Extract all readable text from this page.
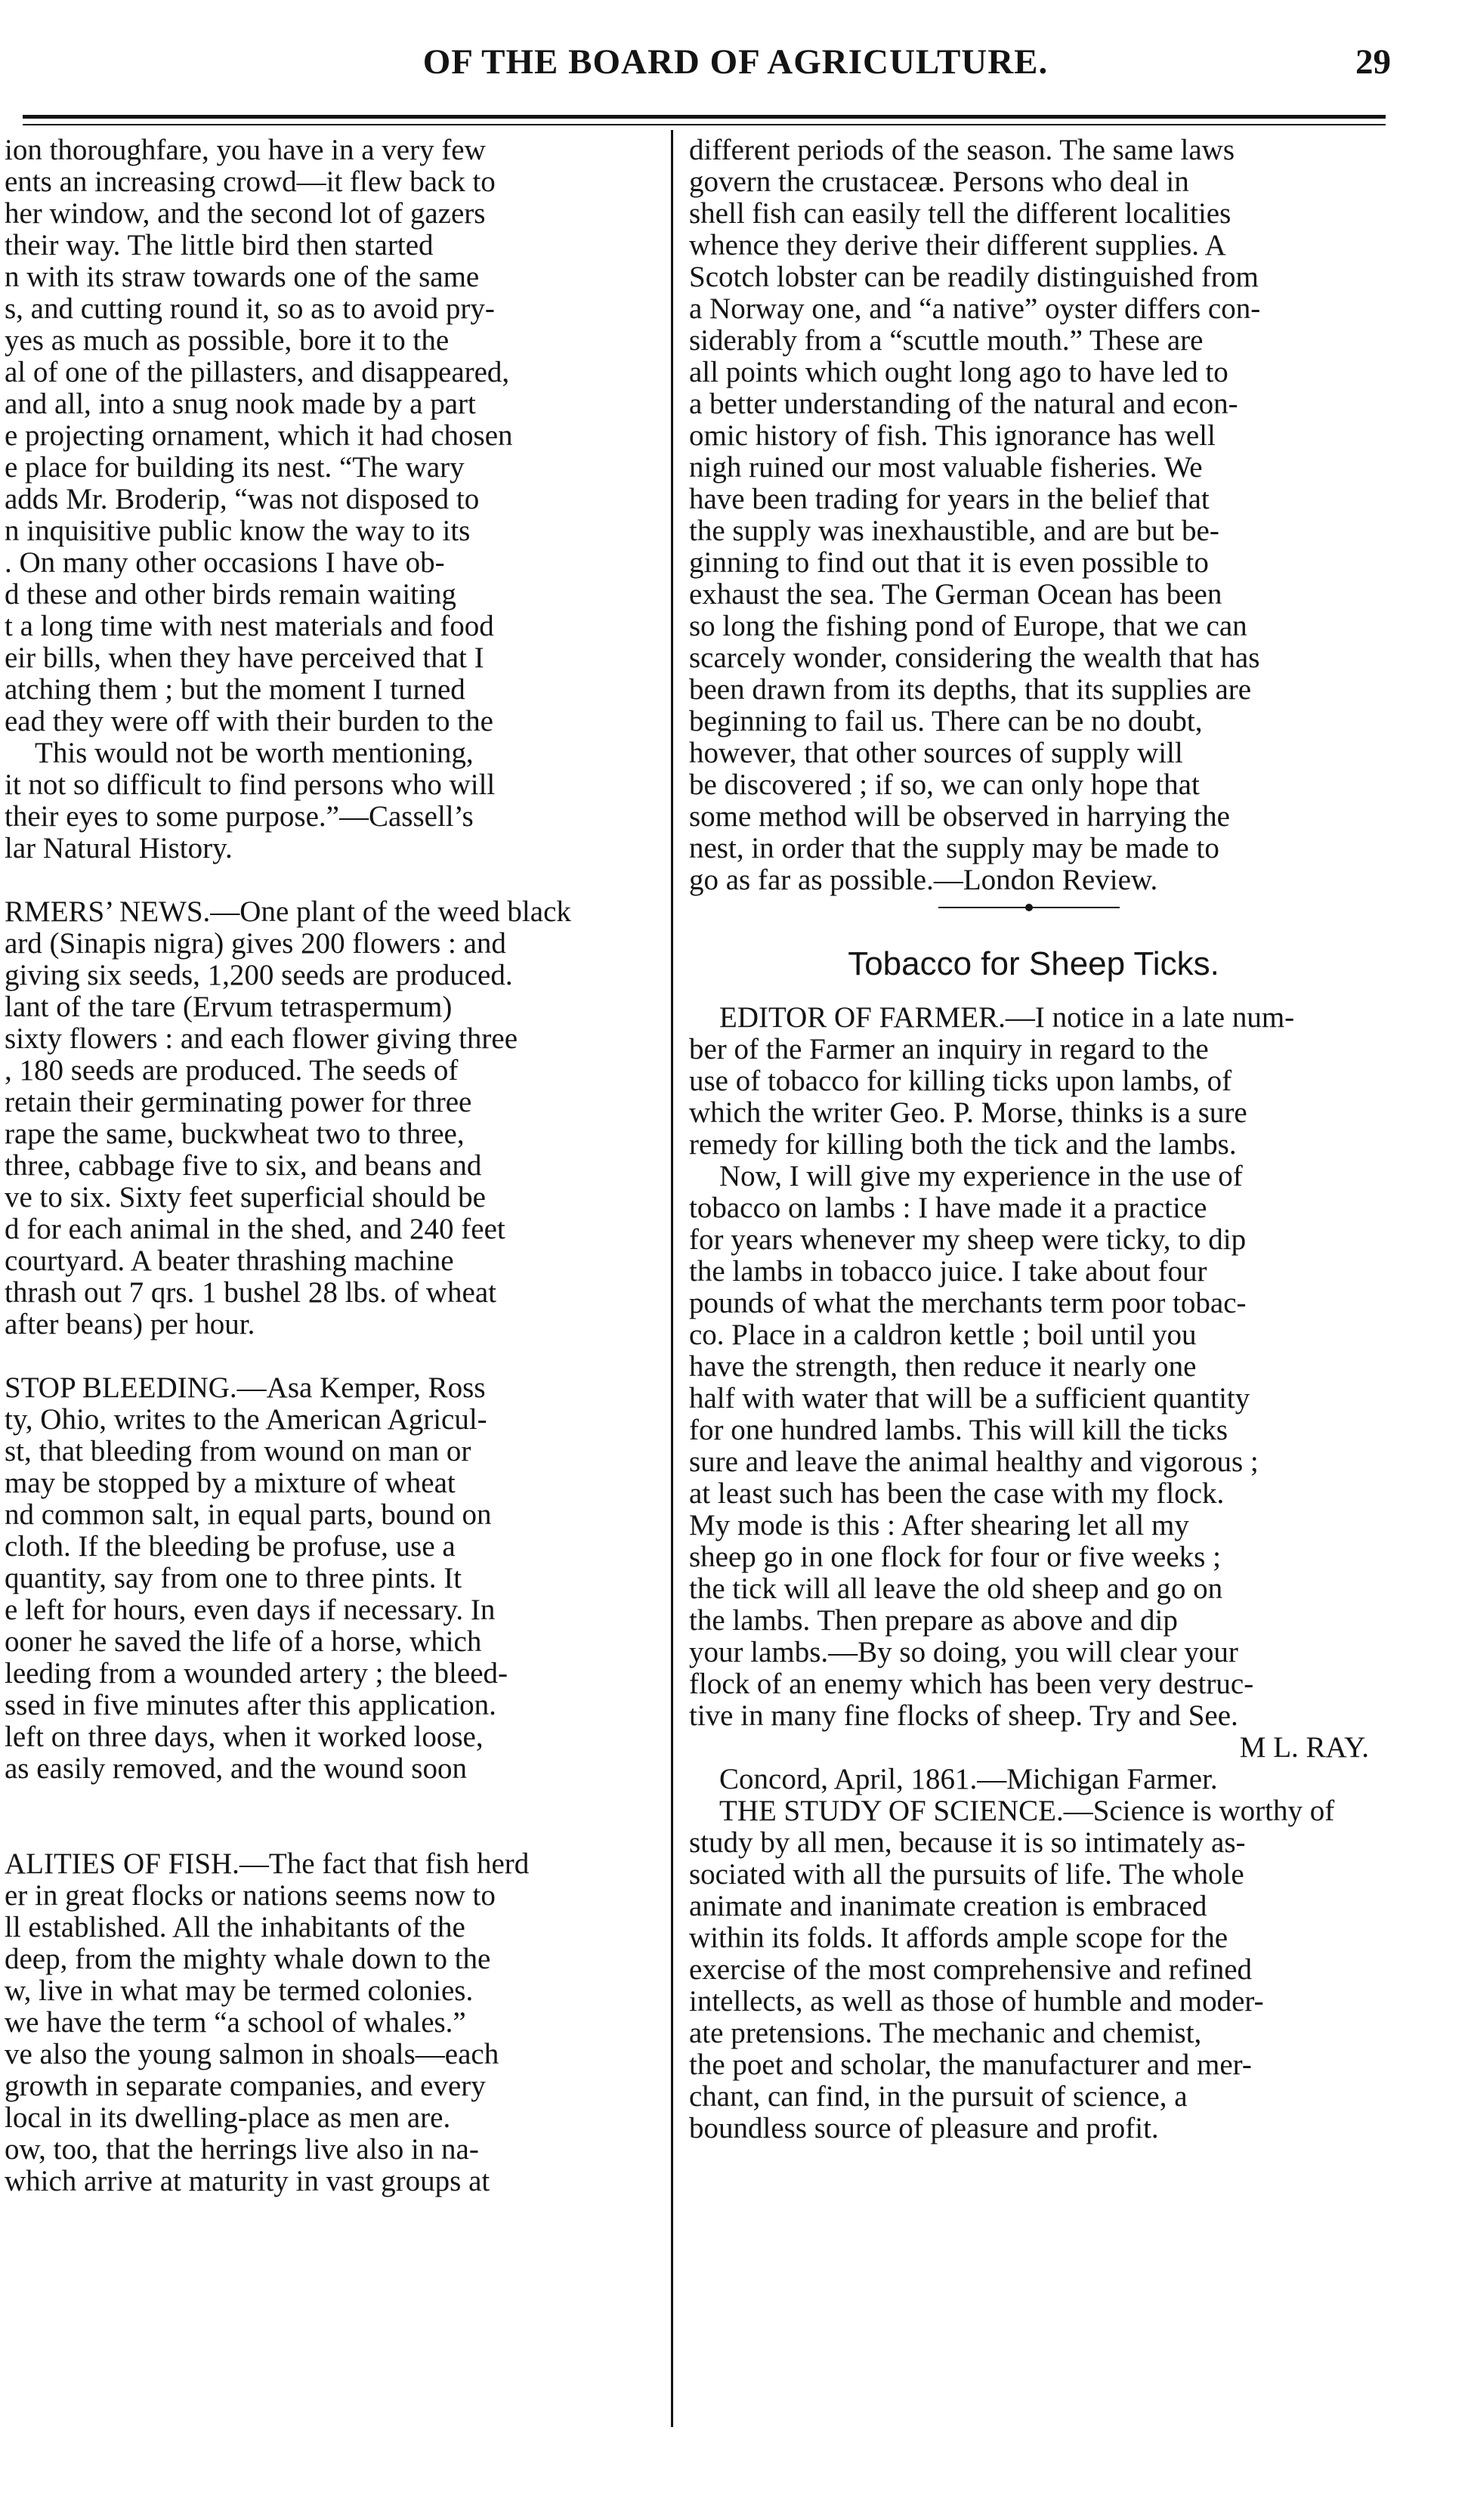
OF THE BOARD OF AGRICULTURE.	29
ion thoroughfare, you have in a very few
ents an increasing crowd—it flew back to
her window, and the second lot of gazers
their way. The little bird then started
n with its straw towards one of the same
s, and cutting round it, so as to avoid pry-
yes as much as possible, bore it to the
al of one of the pillasters, and disappeared,
and all, into a snug nook made by a part
e projecting ornament, which it had chosen
e place for building its nest. “The wary
adds Mr. Broderip, “was not disposed to
n inquisitive public know the way to its
. On many other occasions I have ob-
d these and other birds remain waiting
t a long time with nest materials and food
eir bills, when they have perceived that I
atching them ; but the moment I turned
ead they were off with their burden to the
This would not be worth mentioning,
it not so difficult to find persons who will
their eyes to some purpose.”—Cassell’s
lar Natural History.
RMERS’ NEWS.—One plant of the weed black
ard (Sinapis nigra) gives 200 flowers : and
giving six seeds, 1,200 seeds are produced.
lant of the tare (Ervum tetraspermum)
sixty flowers : and each flower giving three
, 180 seeds are produced. The seeds of
retain their germinating power for three
rape the same, buckwheat two to three,
three, cabbage five to six, and beans and
ve to six. Sixty feet superficial should be
d for each animal in the shed, and 240 feet
courtyard. A beater thrashing machine
thrash out 7 qrs. 1 bushel 28 lbs. of wheat
after beans) per hour.
STOP BLEEDING.—Asa Kemper, Ross
ty, Ohio, writes to the American Agricul-
st, that bleeding from wound on man or
may be stopped by a mixture of wheat
nd common salt, in equal parts, bound on
cloth. If the bleeding be profuse, use a
quantity, say from one to three pints. It
e left for hours, even days if necessary. In
ooner he saved the life of a horse, which
leeding from a wounded artery ; the bleed-
ssed in five minutes after this application.
left on three days, when it worked loose,
as easily removed, and the wound soon
ALITIES OF FISH.—The fact that fish herd
er in great flocks or nations seems now to
ll established. All the inhabitants of the
deep, from the mighty whale down to the
w, live in what may be termed colonies.
we have the term “a school of whales.”
ve also the young salmon in shoals—each
growth in separate companies, and every
local in its dwelling-place as men are.
ow, too, that the herrings live also in na-
which arrive at maturity in vast groups at
different periods of the season. The same laws
govern the crustaceæ. Persons who deal in
shell fish can easily tell the different localities
whence they derive their different supplies. A
Scotch lobster can be readily distinguished from
a Norway one, and “a native” oyster differs con-
siderably from a “scuttle mouth.” These are
all points which ought long ago to have led to
a better understanding of the natural and econ-
omic history of fish. This ignorance has well
nigh ruined our most valuable fisheries. We
have been trading for years in the belief that
the supply was inexhaustible, and are but be-
ginning to find out that it is even possible to
exhaust the sea. The German Ocean has been
so long the fishing pond of Europe, that we can
scarcely wonder, considering the wealth that has
been drawn from its depths, that its supplies are
beginning to fail us. There can be no doubt,
however, that other sources of supply will
be discovered ; if so, we can only hope that
some method will be observed in harrying the
nest, in order that the supply may be made to
go as far as possible.—London Review.
Tobacco for Sheep Ticks.
EDITOR OF FARMER.—I notice in a late num-
ber of the Farmer an inquiry in regard to the
use of tobacco for killing ticks upon lambs, of
which the writer Geo. P. Morse, thinks is a sure
remedy for killing both the tick and the lambs.
Now, I will give my experience in the use of
tobacco on lambs : I have made it a practice
for years whenever my sheep were ticky, to dip
the lambs in tobacco juice. I take about four
pounds of what the merchants term poor tobac-
co. Place in a caldron kettle ; boil until you
have the strength, then reduce it nearly one
half with water that will be a sufficient quantity
for one hundred lambs. This will kill the ticks
sure and leave the animal healthy and vigorous ;
at least such has been the case with my flock.
My mode is this : After shearing let all my
sheep go in one flock for four or five weeks ;
the tick will all leave the old sheep and go on
the lambs. Then prepare as above and dip
your lambs.—By so doing, you will clear your
flock of an enemy which has been very destruc-
tive in many fine flocks of sheep. Try and See.
M L. RAY.
Concord, April, 1861.—Michigan Farmer.
THE STUDY OF SCIENCE.—Science is worthy of
study by all men, because it is so intimately as-
sociated with all the pursuits of life. The whole
animate and inanimate creation is embraced
within its folds. It affords ample scope for the
exercise of the most comprehensive and refined
intellects, as well as those of humble and moder-
ate pretensions. The mechanic and chemist,
the poet and scholar, the manufacturer and mer-
chant, can find, in the pursuit of science, a
boundless source of pleasure and profit.
